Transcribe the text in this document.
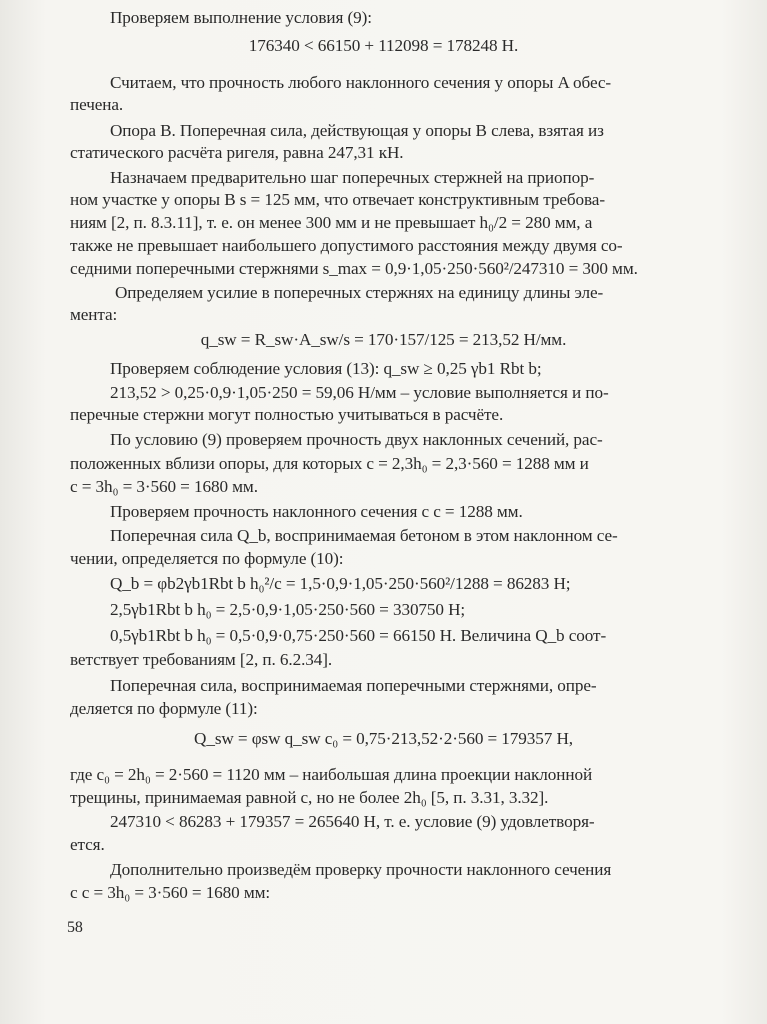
Проверяем выполнение условия (9):
176340 < 66150 + 112098 = 178248 Н.
Считаем, что прочность любого наклонного сечения у опоры A обес-
печена.
Опора B. Поперечная сила, действующая у опоры B слева, взятая из
статического расчёта ригеля, равна 247,31 кН.
Назначаем предварительно шаг поперечных стержней на приопор-
ном участке у опоры B s = 125 мм, что отвечает конструктивным требова-
ниям [2, п. 8.3.11], т. е. он менее 300 мм и не превышает h₀/2 = 280 мм, а
также не превышает наибольшего допустимого расстояния между двумя со-
седними поперечными стержнями s_max = 0,9·1,05·250·560²/247310 = 300 мм.
Определяем усилие в поперечных стержнях на единицу длины эле-
мента:
q_sw = R_sw·A_sw/s = 170·157/125 = 213,52 Н/мм.
Проверяем соблюдение условия (13): q_sw ≥ 0,25 γb1 Rbt b;
213,52 > 0,25·0,9·1,05·250 = 59,06 Н/мм – условие выполняется и по-
перечные стержни могут полностью учитываться в расчёте.
По условию (9) проверяем прочность двух наклонных сечений, рас-
положенных вблизи опоры, для которых c = 2,3h₀ = 2,3·560 = 1288 мм и
c = 3h₀ = 3·560 = 1680 мм.
Проверяем прочность наклонного сечения с c = 1288 мм.
Поперечная сила Q_b, воспринимаемая бетоном в этом наклонном се-
чении, определяется по формуле (10):
Q_b = φb2γb1Rbt b h₀²/c = 1,5·0,9·1,05·250·560²/1288 = 86283 Н;
2,5γb1Rbt b h₀ = 2,5·0,9·1,05·250·560 = 330750 Н;
0,5γb1Rbt b h₀ = 0,5·0,9·0,75·250·560 = 66150 Н. Величина Q_b соот-
ветствует требованиям [2, п. 6.2.34].
Поперечная сила, воспринимаемая поперечными стержнями, опре-
деляется по формуле (11):
Q_sw = φsw q_sw c₀ = 0,75·213,52·2·560 = 179357 Н,
где c₀ = 2h₀ = 2·560 = 1120 мм – наибольшая длина проекции наклонной
трещины, принимаемая равной c, но не более 2h₀ [5, п. 3.31, 3.32].
247310 < 86283 + 179357 = 265640 Н, т. е. условие (9) удовлетворя-
ется.
Дополнительно произведём проверку прочности наклонного сечения
с c = 3h₀ = 3·560 = 1680 мм:
58
